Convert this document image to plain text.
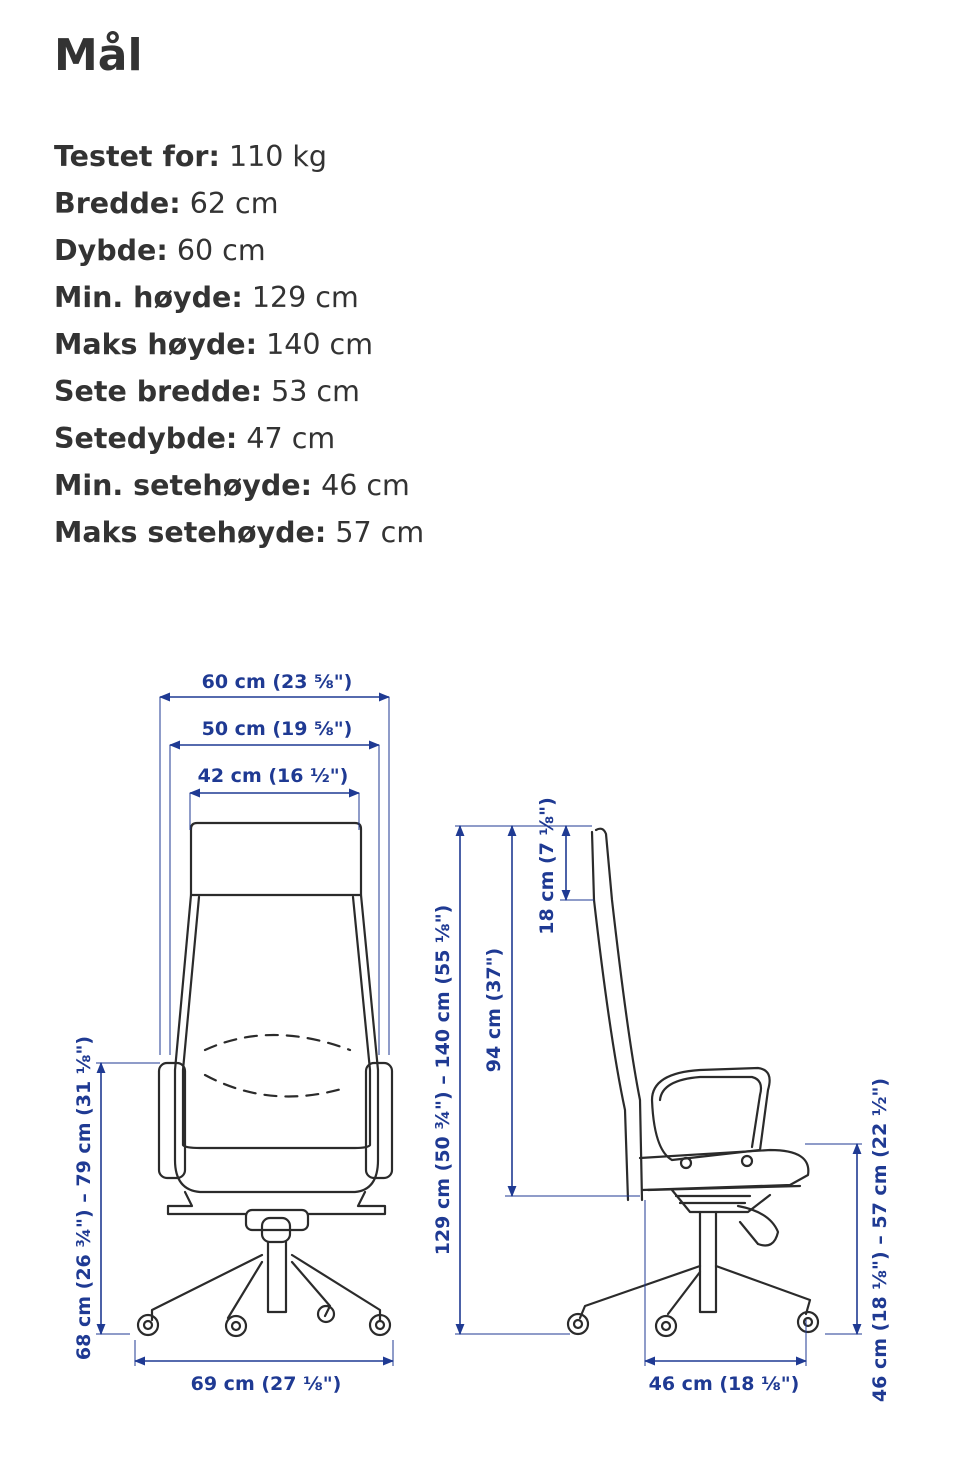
Mål
Testet for: 110 kg
Bredde: 62 cm
Dybde: 60 cm
Min. høyde: 129 cm
Maks høyde: 140 cm
Sete bredde: 53 cm
Setedybde: 47 cm
Min. setehøyde: 46 cm
Maks setehøyde: 57 cm
60 cm (23 ⅝")
50 cm (19 ⅝")
42 cm (16 ½")
68 cm (26 ¾") – 79 cm (31 ⅛")
69 cm (27 ⅛")
129 cm (50 ¾") – 140 cm (55 ⅛") 94 cm (37")
18 cm (7 ⅛")
46 cm (18 ⅛") – 57 cm (22 ½")
46 cm (18 ⅛")
